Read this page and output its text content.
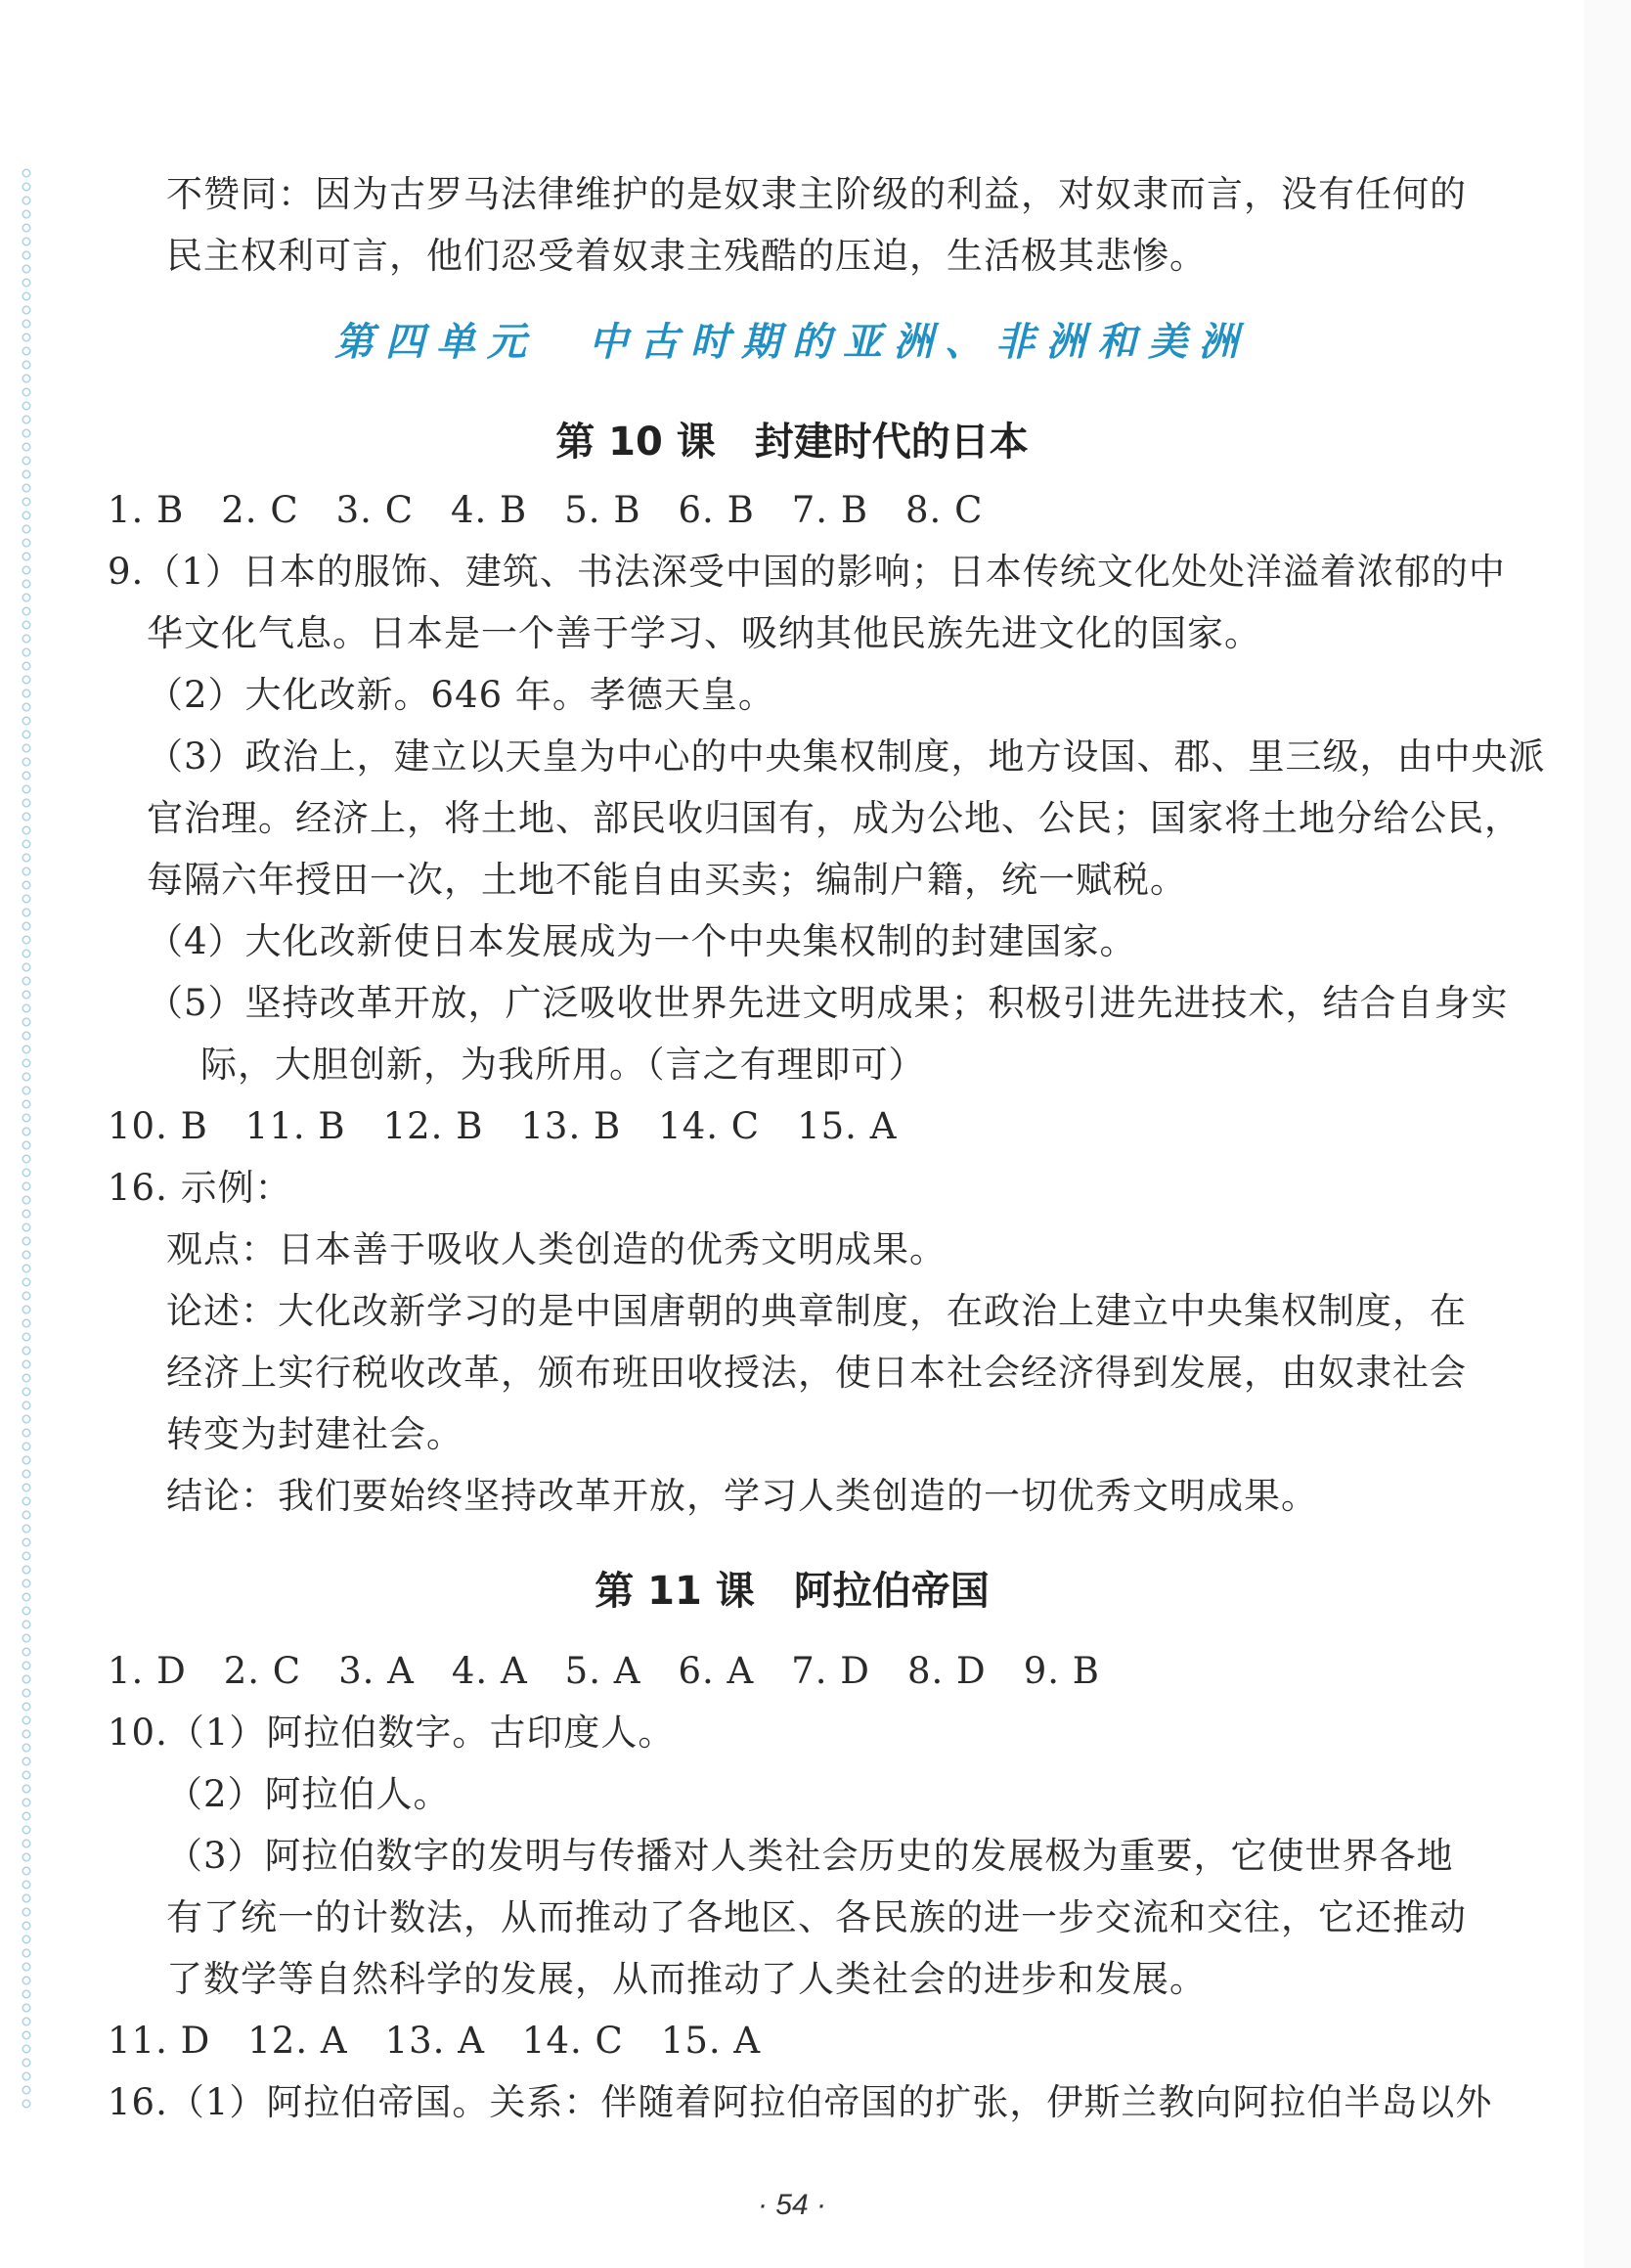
不赞同：因为古罗马法律维护的是奴隶主阶级的利益，对奴隶而言，没有任何的
民主权利可言，他们忍受着奴隶主残酷的压迫，生活极其悲惨。
第四单元　中古时期的亚洲、非洲和美洲
第 10 课　封建时代的日本
1. B　2. C　3. C　4. B　5. B　6. B　7. B　8. C
9.（1）日本的服饰、建筑、书法深受中国的影响；日本传统文化处处洋溢着浓郁的中
华文化气息。日本是一个善于学习、吸纳其他民族先进文化的国家。
（2）大化改新。646 年。孝德天皇。
（3）政治上，建立以天皇为中心的中央集权制度，地方设国、郡、里三级，由中央派
官治理。经济上，将土地、部民收归国有，成为公地、公民；国家将土地分给公民，
每隔六年授田一次，土地不能自由买卖；编制户籍，统一赋税。
（4）大化改新使日本发展成为一个中央集权制的封建国家。
（5）坚持改革开放，广泛吸收世界先进文明成果；积极引进先进技术，结合自身实
际，大胆创新，为我所用。（言之有理即可）
10. B　11. B　12. B　13. B　14. C　15. A
16. 示例：
观点：日本善于吸收人类创造的优秀文明成果。
论述：大化改新学习的是中国唐朝的典章制度，在政治上建立中央集权制度，在
经济上实行税收改革，颁布班田收授法，使日本社会经济得到发展，由奴隶社会
转变为封建社会。
结论：我们要始终坚持改革开放，学习人类创造的一切优秀文明成果。
第 11 课　阿拉伯帝国
1. D　2. C　3. A　4. A　5. A　6. A　7. D　8. D　9. B
10.（1）阿拉伯数字。古印度人。
（2）阿拉伯人。
（3）阿拉伯数字的发明与传播对人类社会历史的发展极为重要，它使世界各地
有了统一的计数法，从而推动了各地区、各民族的进一步交流和交往，它还推动
了数学等自然科学的发展，从而推动了人类社会的进步和发展。
11. D　12. A　13. A　14. C　15. A
16.（1）阿拉伯帝国。关系：伴随着阿拉伯帝国的扩张，伊斯兰教向阿拉伯半岛以外
· 54 ·
